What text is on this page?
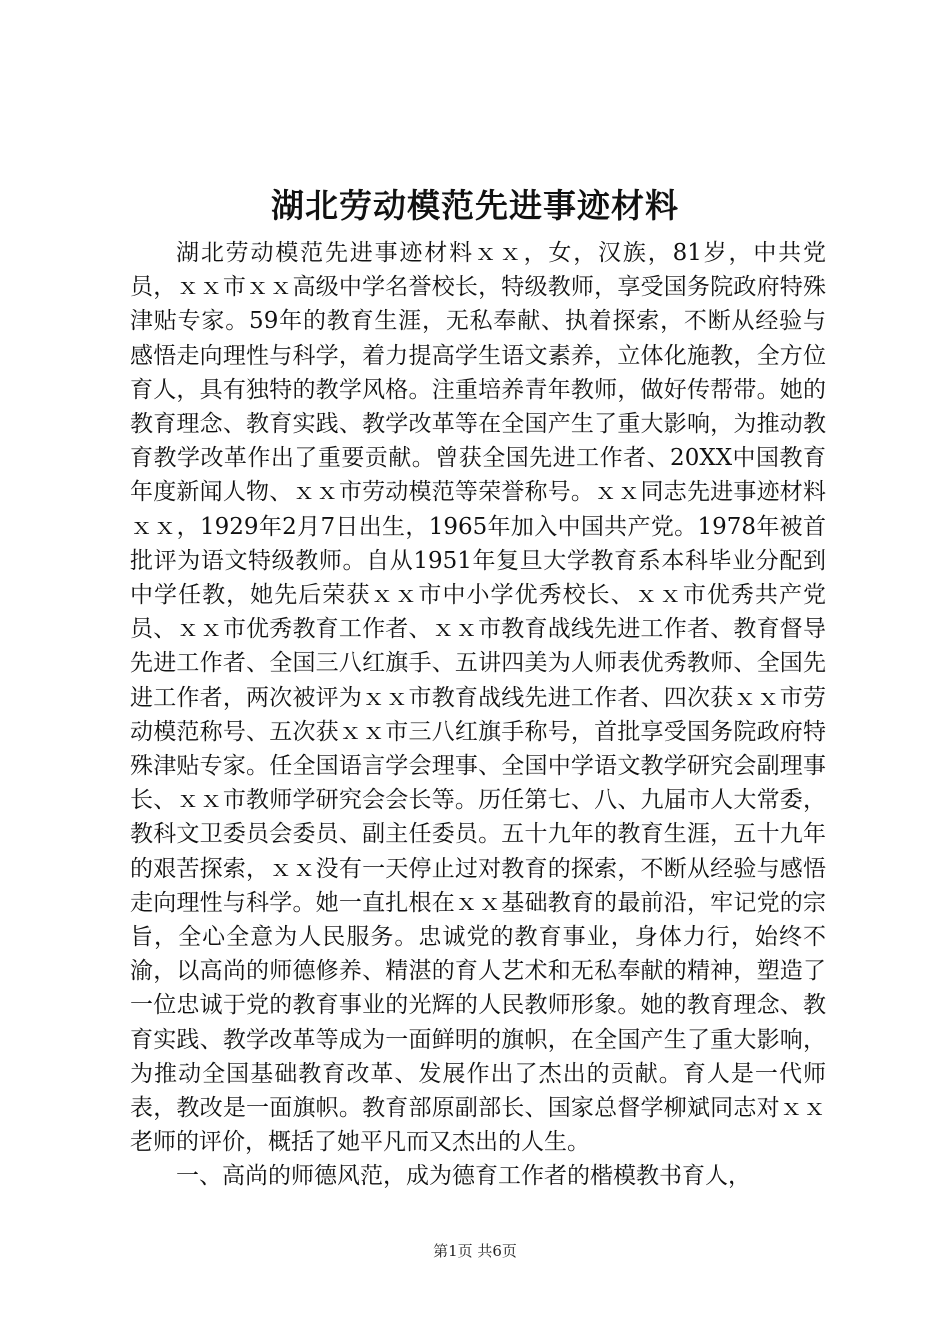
湖北劳动模范先进事迹材料

湖北劳动模范先进事迹材料ｘｘ，女，汉族，81岁，中共党员，ｘｘ市ｘｘ高级中学名誉校长，特级教师，享受国务院政府特殊津贴专家。59年的教育生涯，无私奉献、执着探索，不断从经验与感悟走向理性与科学，着力提高学生语文素养，立体化施教，全方位育人，具有独特的教学风格。注重培养青年教师，做好传帮带。她的教育理念、教育实践、教学改革等在全国产生了重大影响，为推动教育教学改革作出了重要贡献。曾获全国先进工作者、20XX中国教育年度新闻人物、ｘｘ市劳动模范等荣誉称号。ｘｘ同志先进事迹材料ｘｘ，1929年2月7日出生，1965年加入中国共产党。1978年被首批评为语文特级教师。自从1951年复旦大学教育系本科毕业分配到中学任教，她先后荣获ｘｘ市中小学优秀校长、ｘｘ市优秀共产党员、ｘｘ市优秀教育工作者、ｘｘ市教育战线先进工作者、教育督导先进工作者、全国三八红旗手、五讲四美为人师表优秀教师、全国先进工作者，两次被评为ｘｘ市教育战线先进工作者、四次获ｘｘ市劳动模范称号、五次获ｘｘ市三八红旗手称号，首批享受国务院政府特殊津贴专家。任全国语言学会理事、全国中学语文教学研究会副理事长、ｘｘ市教师学研究会会长等。历任第七、八、九届市人大常委，教科文卫委员会委员、副主任委员。五十九年的教育生涯，五十九年的艰苦探索，ｘｘ没有一天停止过对教育的探索，不断从经验与感悟走向理性与科学。她一直扎根在ｘｘ基础教育的最前沿，牢记党的宗旨，全心全意为人民服务。忠诚党的教育事业，身体力行，始终不渝，以高尚的师德修养、精湛的育人艺术和无私奉献的精神，塑造了一位忠诚于党的教育事业的光辉的人民教师形象。她的教育理念、教育实践、教学改革等成为一面鲜明的旗帜，在全国产生了重大影响，为推动全国基础教育改革、发展作出了杰出的贡献。育人是一代师表，教改是一面旗帜。教育部原副部长、国家总督学柳斌同志对ｘｘ老师的评价，概括了她平凡而又杰出的人生。

一、高尚的师德风范，成为德育工作者的楷模教书育人，

第1页 共6页
